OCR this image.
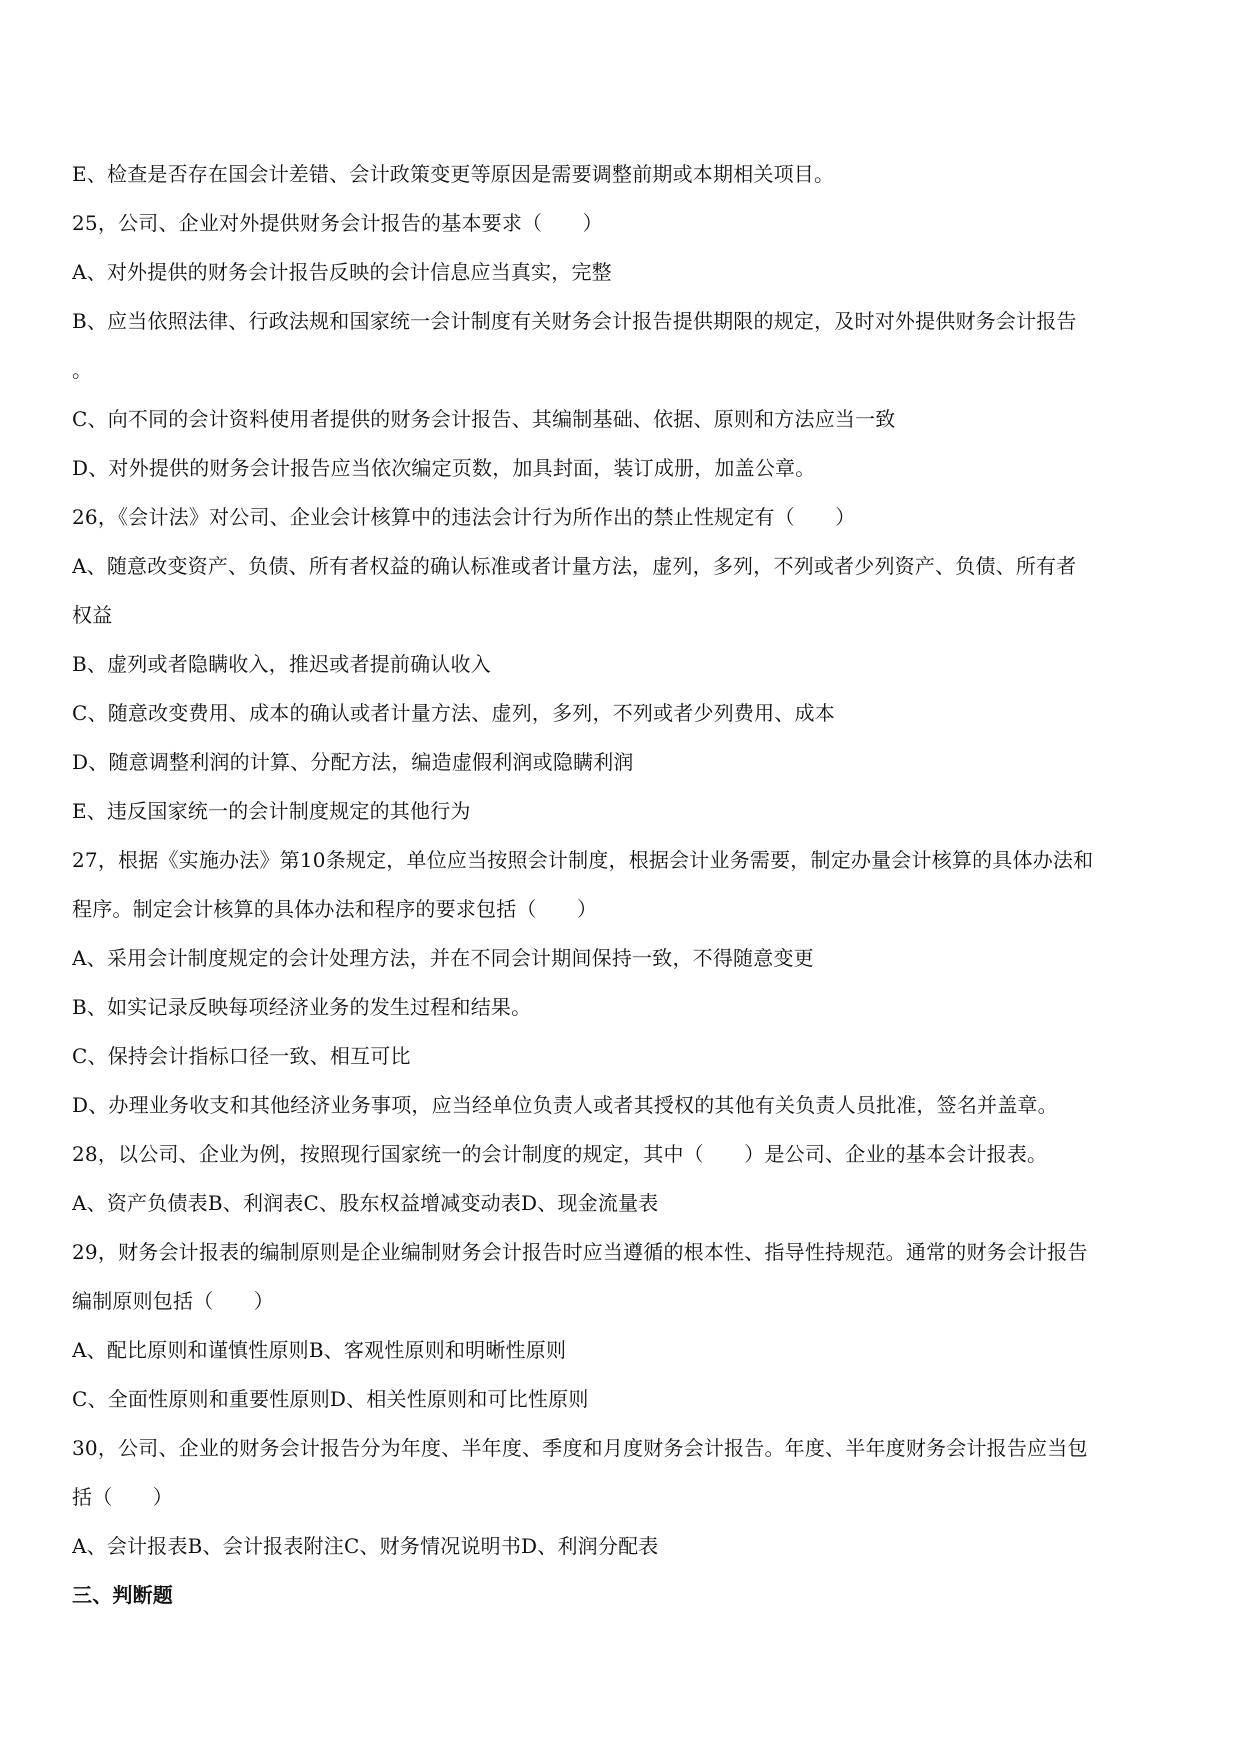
E、检查是否存在国会计差错、会计政策变更等原因是需要调整前期或本期相关项目。
25，公司、企业对外提供财务会计报告的基本要求（　　）
A、对外提供的财务会计报告反映的会计信息应当真实，完整
B、应当依照法律、行政法规和国家统一会计制度有关财务会计报告提供期限的规定，及时对外提供财务会计报告
。
C、向不同的会计资料使用者提供的财务会计报告、其编制基础、依据、原则和方法应当一致
D、对外提供的财务会计报告应当依次编定页数，加具封面，装订成册，加盖公章。
26，《会计法》对公司、企业会计核算中的违法会计行为所作出的禁止性规定有（　　）
A、随意改变资产、负债、所有者权益的确认标准或者计量方法，虚列，多列，不列或者少列资产、负债、所有者
权益
B、虚列或者隐瞒收入，推迟或者提前确认收入
C、随意改变费用、成本的确认或者计量方法、虚列，多列，不列或者少列费用、成本
D、随意调整利润的计算、分配方法，编造虚假利润或隐瞒利润
E、违反国家统一的会计制度规定的其他行为
27，根据《实施办法》第10条规定，单位应当按照会计制度，根据会计业务需要，制定办量会计核算的具体办法和
程序。制定会计核算的具体办法和程序的要求包括（　　）
A、采用会计制度规定的会计处理方法，并在不同会计期间保持一致，不得随意变更
B、如实记录反映每项经济业务的发生过程和结果。
C、保持会计指标口径一致、相互可比
D、办理业务收支和其他经济业务事项，应当经单位负责人或者其授权的其他有关负责人员批准，签名并盖章。
28，以公司、企业为例，按照现行国家统一的会计制度的规定，其中（　　）是公司、企业的基本会计报表。
A、资产负债表B、利润表C、股东权益增减变动表D、现金流量表
29，财务会计报表的编制原则是企业编制财务会计报告时应当遵循的根本性、指导性持规范。通常的财务会计报告
编制原则包括（　　）
A、配比原则和谨慎性原则B、客观性原则和明晰性原则
C、全面性原则和重要性原则D、相关性原则和可比性原则
30，公司、企业的财务会计报告分为年度、半年度、季度和月度财务会计报告。年度、半年度财务会计报告应当包
括（　　）
A、会计报表B、会计报表附注C、财务情况说明书D、利润分配表
三、判断题
